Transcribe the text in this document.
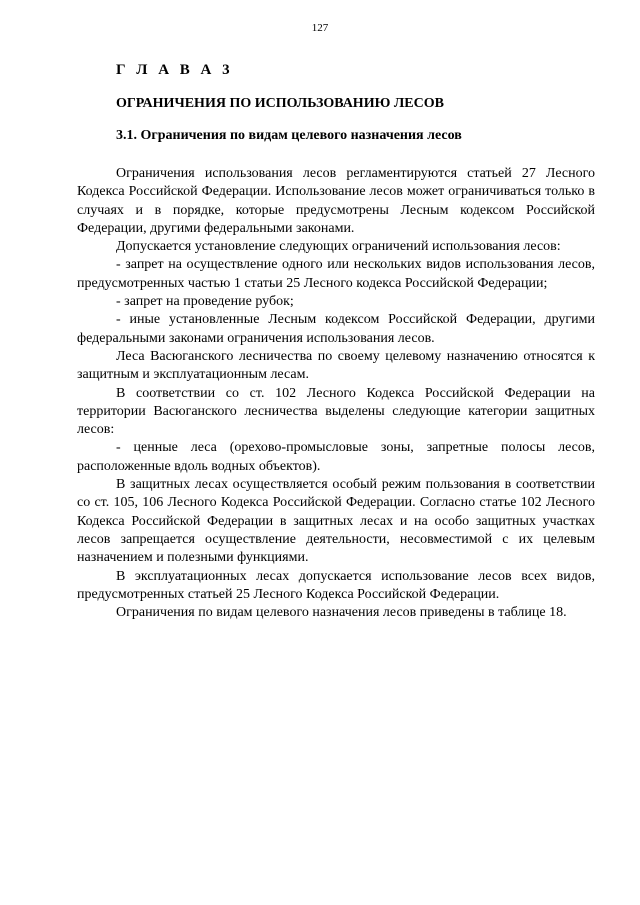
127
Г Л А В А 3
ОГРАНИЧЕНИЯ ПО ИСПОЛЬЗОВАНИЮ ЛЕСОВ
3.1. Ограничения по видам целевого назначения лесов

Ограничения использования лесов регламентируются статьей 27 Лесного Кодекса Российской Федерации. Использование лесов может ограничиваться только в случаях и в порядке, которые предусмотрены Лесным кодексом Российской Федерации, другими федеральными законами.

Допускается установление следующих ограничений использования лесов:

- запрет на осуществление одного или нескольких видов использования лесов, предусмотренных частью 1 статьи 25 Лесного кодекса Российской Федерации;

- запрет на проведение рубок;

- иные установленные Лесным кодексом Российской Федерации, другими федеральными законами ограничения использования лесов.

Леса Васюганского лесничества по своему целевому назначению относятся к защитным и эксплуатационным лесам.

В соответствии со ст. 102 Лесного Кодекса Российской Федерации на территории Васюганского лесничества выделены следующие категории защитных лесов:

- ценные леса (орехово-промысловые зоны, запретные полосы лесов, расположенные вдоль водных объектов).

В защитных лесах осуществляется особый режим пользования в соответствии со ст. 105, 106 Лесного Кодекса Российской Федерации. Согласно статье 102 Лесного Кодекса Российской Федерации в защитных лесах и на особо защитных участках лесов запрещается осуществление деятельности, несовместимой с их целевым назначением и полезными функциями.

В эксплуатационных лесах допускается использование лесов всех видов, предусмотренных статьей 25 Лесного Кодекса Российской Федерации.

Ограничения по видам целевого назначения лесов приведены в таблице 18.
